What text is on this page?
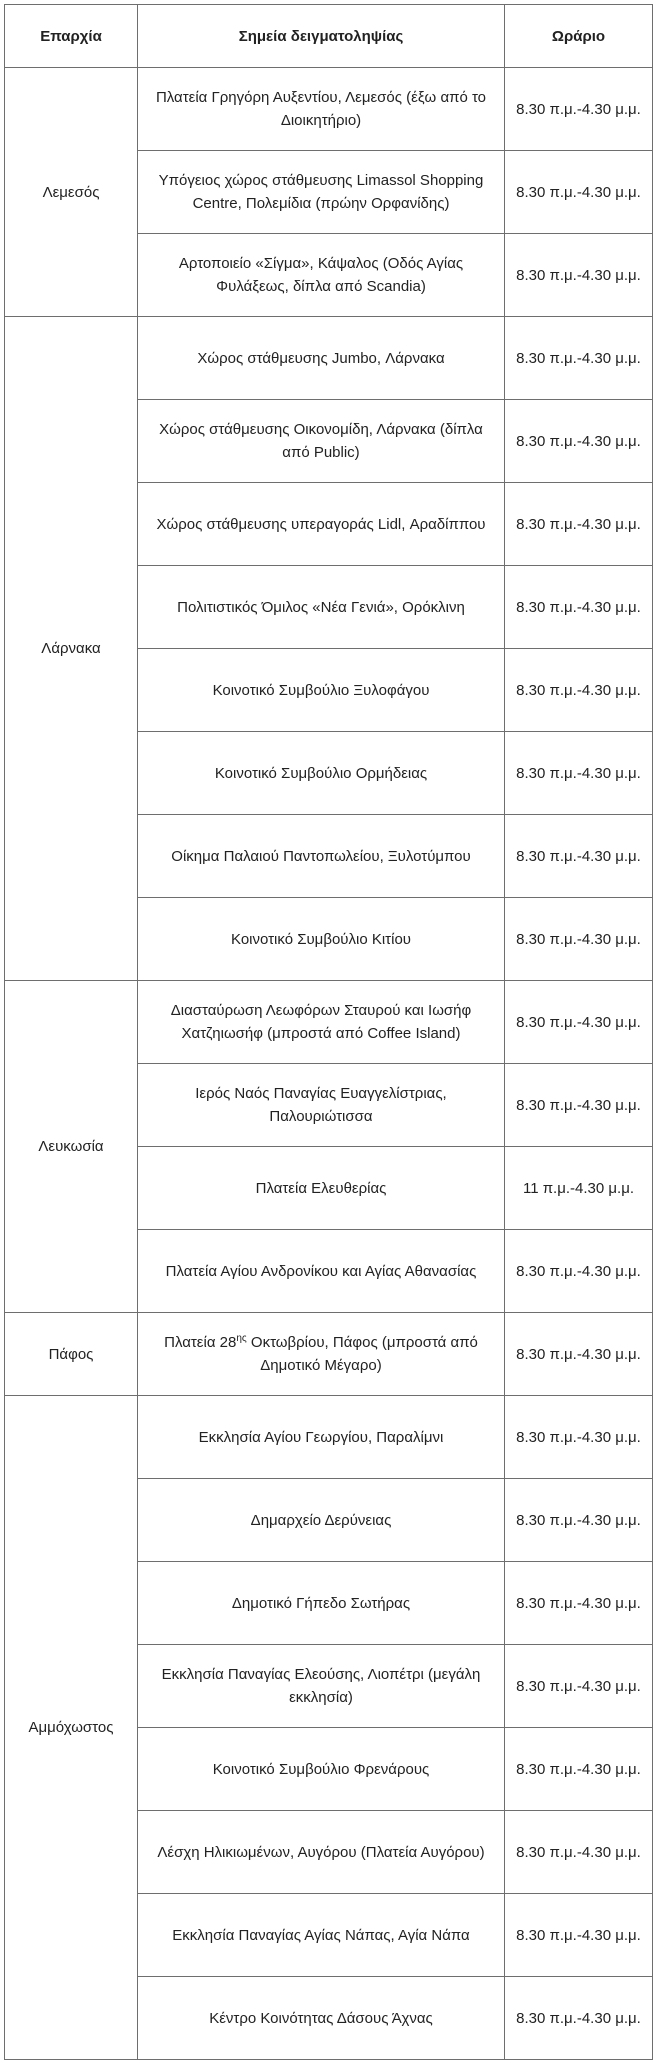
Επαρχία	Σημεία δειγματοληψίας	Ωράριο
Λεμεσός	Πλατεία Γρηγόρη Αυξεντίου, Λεμεσός (έξω από το Διοικητήριο)	8.30 π.μ.-4.30 μ.μ.
	Υπόγειος χώρος στάθμευσης Limassol Shopping Centre, Πολεμίδια (πρώην Ορφανίδης)	8.30 π.μ.-4.30 μ.μ.
	Αρτοποιείο «Σίγμα», Κάψαλος (Οδός Αγίας Φυλάξεως, δίπλα από Scandia)	8.30 π.μ.-4.30 μ.μ.
Λάρνακα	Χώρος στάθμευσης Jumbo, Λάρνακα	8.30 π.μ.-4.30 μ.μ.
	Χώρος στάθμευσης Οικονομίδη, Λάρνακα (δίπλα από Public)	8.30 π.μ.-4.30 μ.μ.
	Χώρος στάθμευσης υπεραγοράς Lidl, Αραδίππου	8.30 π.μ.-4.30 μ.μ.
	Πολιτιστικός Όμιλος «Νέα Γενιά», Ορόκλινη	8.30 π.μ.-4.30 μ.μ.
	Κοινοτικό Συμβούλιο Ξυλοφάγου	8.30 π.μ.-4.30 μ.μ.
	Κοινοτικό Συμβούλιο Ορμήδειας	8.30 π.μ.-4.30 μ.μ.
	Οίκημα Παλαιού Παντοπωλείου, Ξυλοτύμπου	8.30 π.μ.-4.30 μ.μ.
	Κοινοτικό Συμβούλιο Κιτίου	8.30 π.μ.-4.30 μ.μ.
Λευκωσία	Διασταύρωση Λεωφόρων Σταυρού και Ιωσήφ Χατζηιωσήφ (μπροστά από Coffee Island)	8.30 π.μ.-4.30 μ.μ.
	Ιερός Ναός Παναγίας Ευαγγελίστριας, Παλουριώτισσα	8.30 π.μ.-4.30 μ.μ.
	Πλατεία Ελευθερίας	11 π.μ.-4.30 μ.μ.
	Πλατεία Αγίου Ανδρονίκου και Αγίας Αθανασίας	8.30 π.μ.-4.30 μ.μ.
Πάφος	Πλατεία $28^{\eta\varsigma}$ Οκτωβρίου, Πάφος (μπροστά από Δημοτικό Μέγαρο)	8.30 π.μ.-4.30 μ.μ.
Αμμόχωστος	Εκκλησία Αγίου Γεωργίου, Παραλίμνι	8.30 π.μ.-4.30 μ.μ.
	Δημαρχείο Δερύνειας	8.30 π.μ.-4.30 μ.μ.
	Δημοτικό Γήπεδο Σωτήρας	8.30 π.μ.-4.30 μ.μ.
	Εκκλησία Παναγίας Ελεούσης, Λιοπέτρι (μεγάλη εκκλησία)	8.30 π.μ.-4.30 μ.μ.
	Κοινοτικό Συμβούλιο Φρενάρους	8.30 π.μ.-4.30 μ.μ.
	Λέσχη Ηλικιωμένων, Αυγόρου (Πλατεία Αυγόρου)	8.30 π.μ.-4.30 μ.μ.
	Εκκλησία Παναγίας Αγίας Νάπας, Αγία Νάπα	8.30 π.μ.-4.30 μ.μ.
	Κέντρο Κοινότητας Δάσους Άχνας	8.30 π.μ.-4.30 μ.μ.
